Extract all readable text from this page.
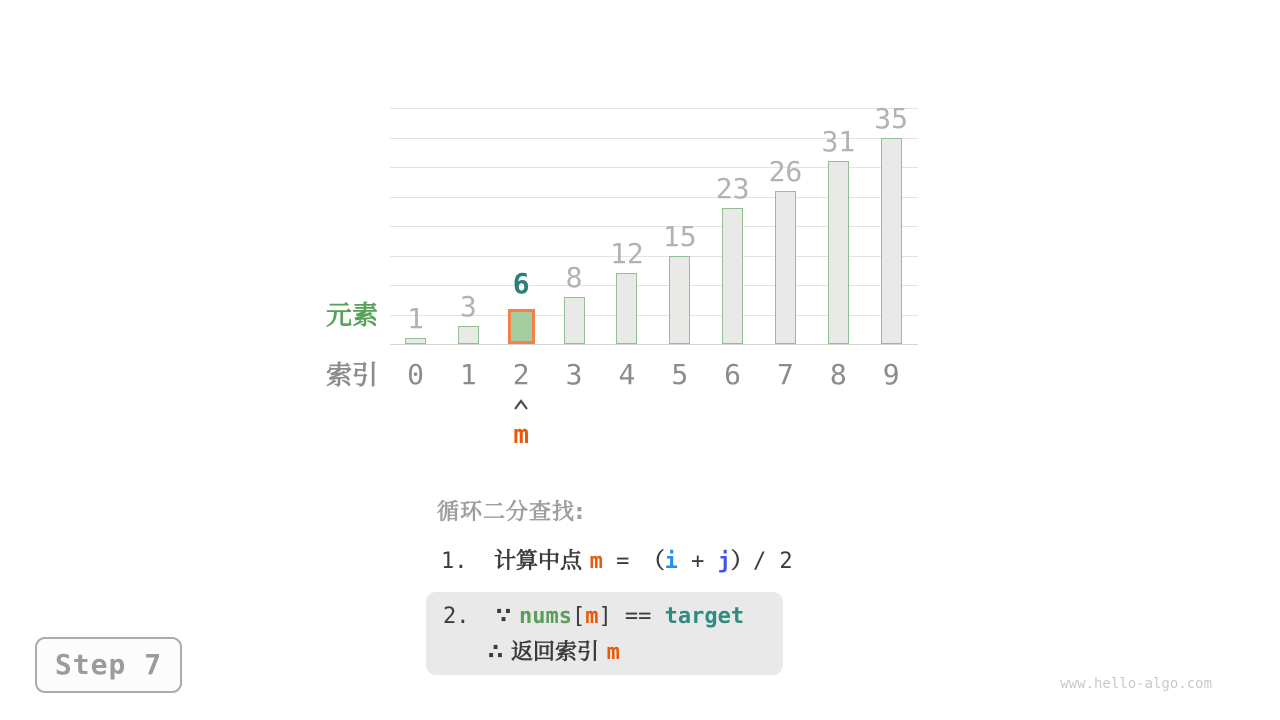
1
0
3
1
6
2
8
3
12
4
15
5
23
6
26
7
31
8
35
9
元素
索引
m
循环二分查找:
1.  计算中点 m = （i + j）/ 2
2.  ∵ nums[m] == target
∴ 返回索引 m
Step 7
www.hello-algo.com
